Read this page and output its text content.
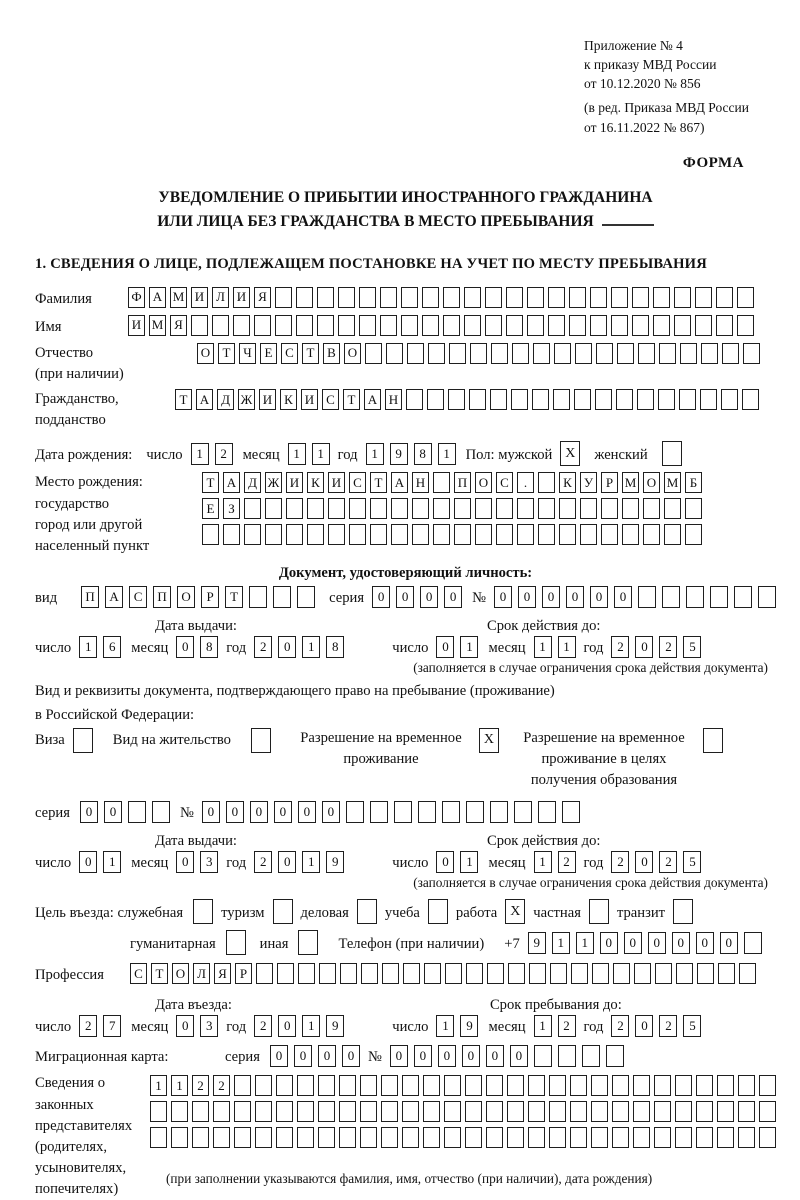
Приложение № 4
к приказу МВД России
от 10.12.2020 № 856
(в ред. Приказа МВД России
от 16.11.2022 № 867)
ФОРМА
УВЕДОМЛЕНИЕ О ПРИБЫТИИ ИНОСТРАННОГО ГРАЖДАНИНА
ИЛИ ЛИЦА БЕЗ ГРАЖДАНСТВА В МЕСТО ПРЕБЫВАНИЯ
1. СВЕДЕНИЯ О ЛИЦЕ, ПОДЛЕЖАЩЕМ ПОСТАНОВКЕ НА УЧЕТ ПО МЕСТУ ПРЕБЫВАНИЯ
Фамилия	Ф А М И Л И Я
Имя	И М Я
Отчество
(при наличии)
О Т Ч Е С Т В О
Гражданство,
подданство
Т А Д Ж И К И С Т А Н
Дата рождения: число	1	2	месяц	1	1 год	1	9	8	1	Пол: мужской X	женский
Место рождения:
государство
город или другой
населенный пункт
Т А Д Ж И К И С Т А Н	П О С	.	К У Р М О М Б
Е	З
Документ, удостоверяющий личность:
вид	П	А	С	П	О	Р	Т	серия	0	0	0	0	№	0	0	0	0	0	0
Дата выдачи:	Срок действия до:
число	1	6	месяц	0	8 год	2	0	1	8	число	0	1	месяц	1	1 год	2	0	2	5
(заполняется в случае ограничения срока действия документа)
Вид и реквизиты документа, подтверждающего право на пребывание (проживание)
в Российской Федерации:
Виза	Вид на жительство	Разрешение на временное
проживание
X	Разрешение на временное
проживание в целях
получения образования
серия	0	0	№	0	0	0	0	0	0
Дата выдачи:	Срок действия до:
число	0	1	месяц	0	3 год	2	0	1	9	число	0	1	месяц	1	2 год	2	0	2	5
(заполняется в случае ограничения срока действия документа)
Цель въезда: служебная	туризм деловая учеба работа X частная транзит
гуманитарная	иная	Телефон (при наличии) +7	9	1	1	0	0	0	0	0	0
Профессия	С Т О Л Я	Р
Дата въезда:	Срок пребывания до:
число	2	7	месяц	0	3 год	2	0	1	9	число	1	9	месяц	1	2 год	2	0	2	5
Миграционная карта:	серия	0	0	0	0 №	0	0	0	0	0	0
Сведения о
законных
представителях
(родителях,
усыновителях,
попечителях)
1	1	2	2
(при заполнении указываются фамилия, имя, отчество (при наличии), дата рождения)
